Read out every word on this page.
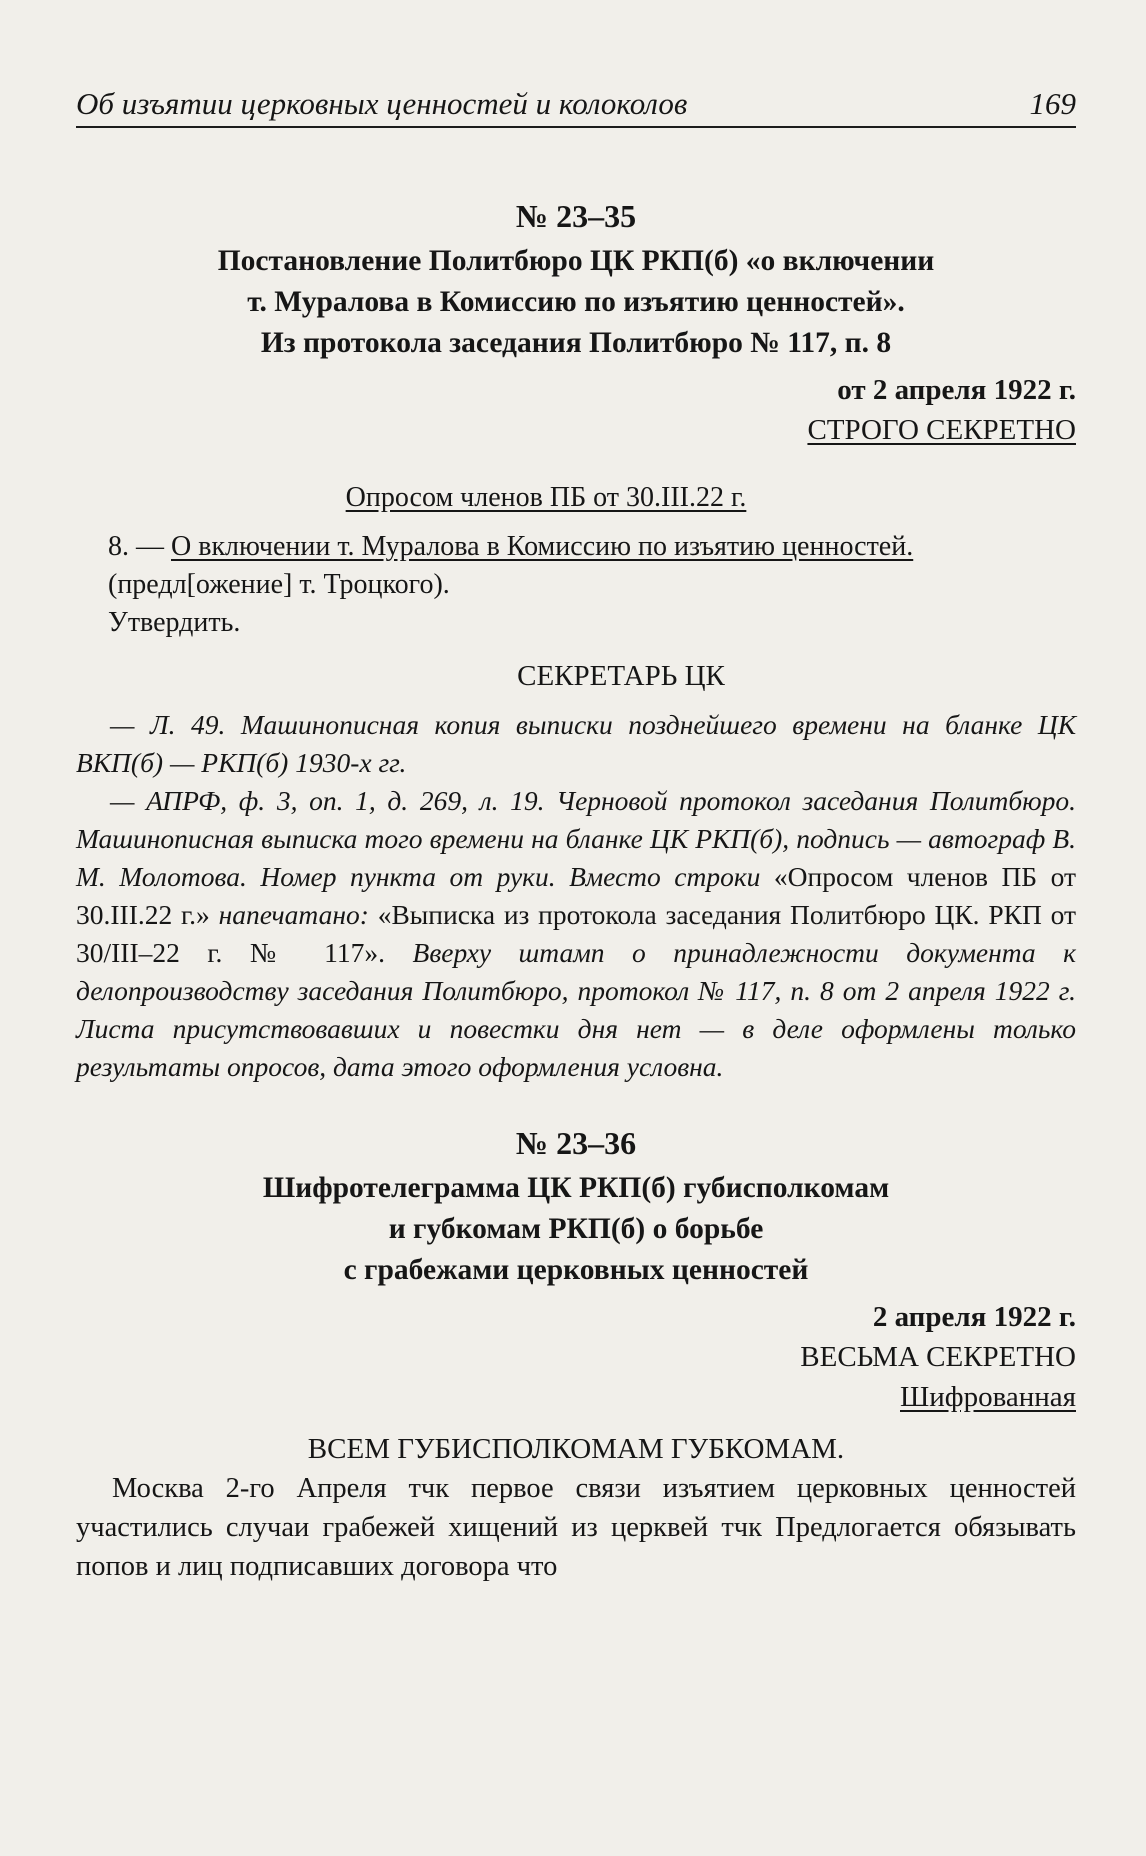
Об изъятии церковных ценностей и колоколов	169
№ 23–35
Постановление Политбюро ЦК РКП(б) «о включении
т. Муралова в Комиссию по изъятию ценностей».
Из протокола заседания Политбюро № 117, п. 8
от 2 апреля 1922 г.
СТРОГО СЕКРЕТНО
Опросом членов ПБ от 30.III.22 г.

8. — О включении т. Муралова в Комиссию по изъятию ценностей.

(предл[ожение] т. Троцкого).

Утвердить.

СЕКРЕТАРЬ ЦК

— Л. 49. Машинописная копия выписки позднейшего времени на бланке ЦК ВКП(б) — РКП(б) 1930-х гг.

— АПРФ, ф. 3, оп. 1, д. 269, л. 19. Черновой протокол заседания Политбюро. Машинописная выписка того времени на бланке ЦК РКП(б), подпись — автограф В. М. Молотова. Номер пункта от руки. Вместо строки «Опросом членов ПБ от 30.III.22 г.» напечатано: «Выписка из протокола заседания Политбюро ЦК. РКП от 30/III–22 г. № 117». Вверху штамп о принадлежности документа к делопроизводству заседания Политбюро, протокол № 117, п. 8 от 2 апреля 1922 г. Листа присутствовавших и повестки дня нет — в деле оформлены только результаты опросов, дата этого оформления условна.

№ 23–36
Шифротелеграмма ЦК РКП(б) губисполкомам
и губкомам РКП(б) о борьбе
с грабежами церковных ценностей
2 апреля 1922 г.
ВЕСЬМА СЕКРЕТНО
Шифрованная
ВСЕМ ГУБИСПОЛКОМАМ ГУБКОМАМ.

Москва 2-го Апреля тчк первое связи изъятием церковных ценностей участились случаи грабежей хищений из церквей тчк Предлогается обязывать попов и лиц подписавших договора что
